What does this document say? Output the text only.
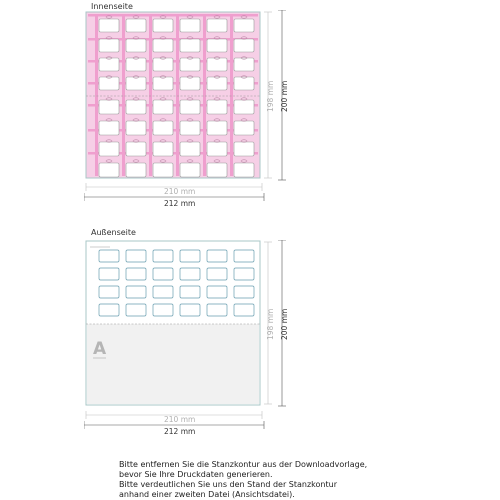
Innenseite
198 mm 200 mm
210 mm
212 mm
Außenseite
A
198 mm 200 mm
210 mm
212 mm
Bitte entfernen Sie die Stanzkontur aus der Downloadvorlage,
bevor Sie Ihre Druckdaten generieren.
Bitte verdeutlichen Sie uns den Stand der Stanzkontur
anhand einer zweiten Datei (Ansichtsdatei).
